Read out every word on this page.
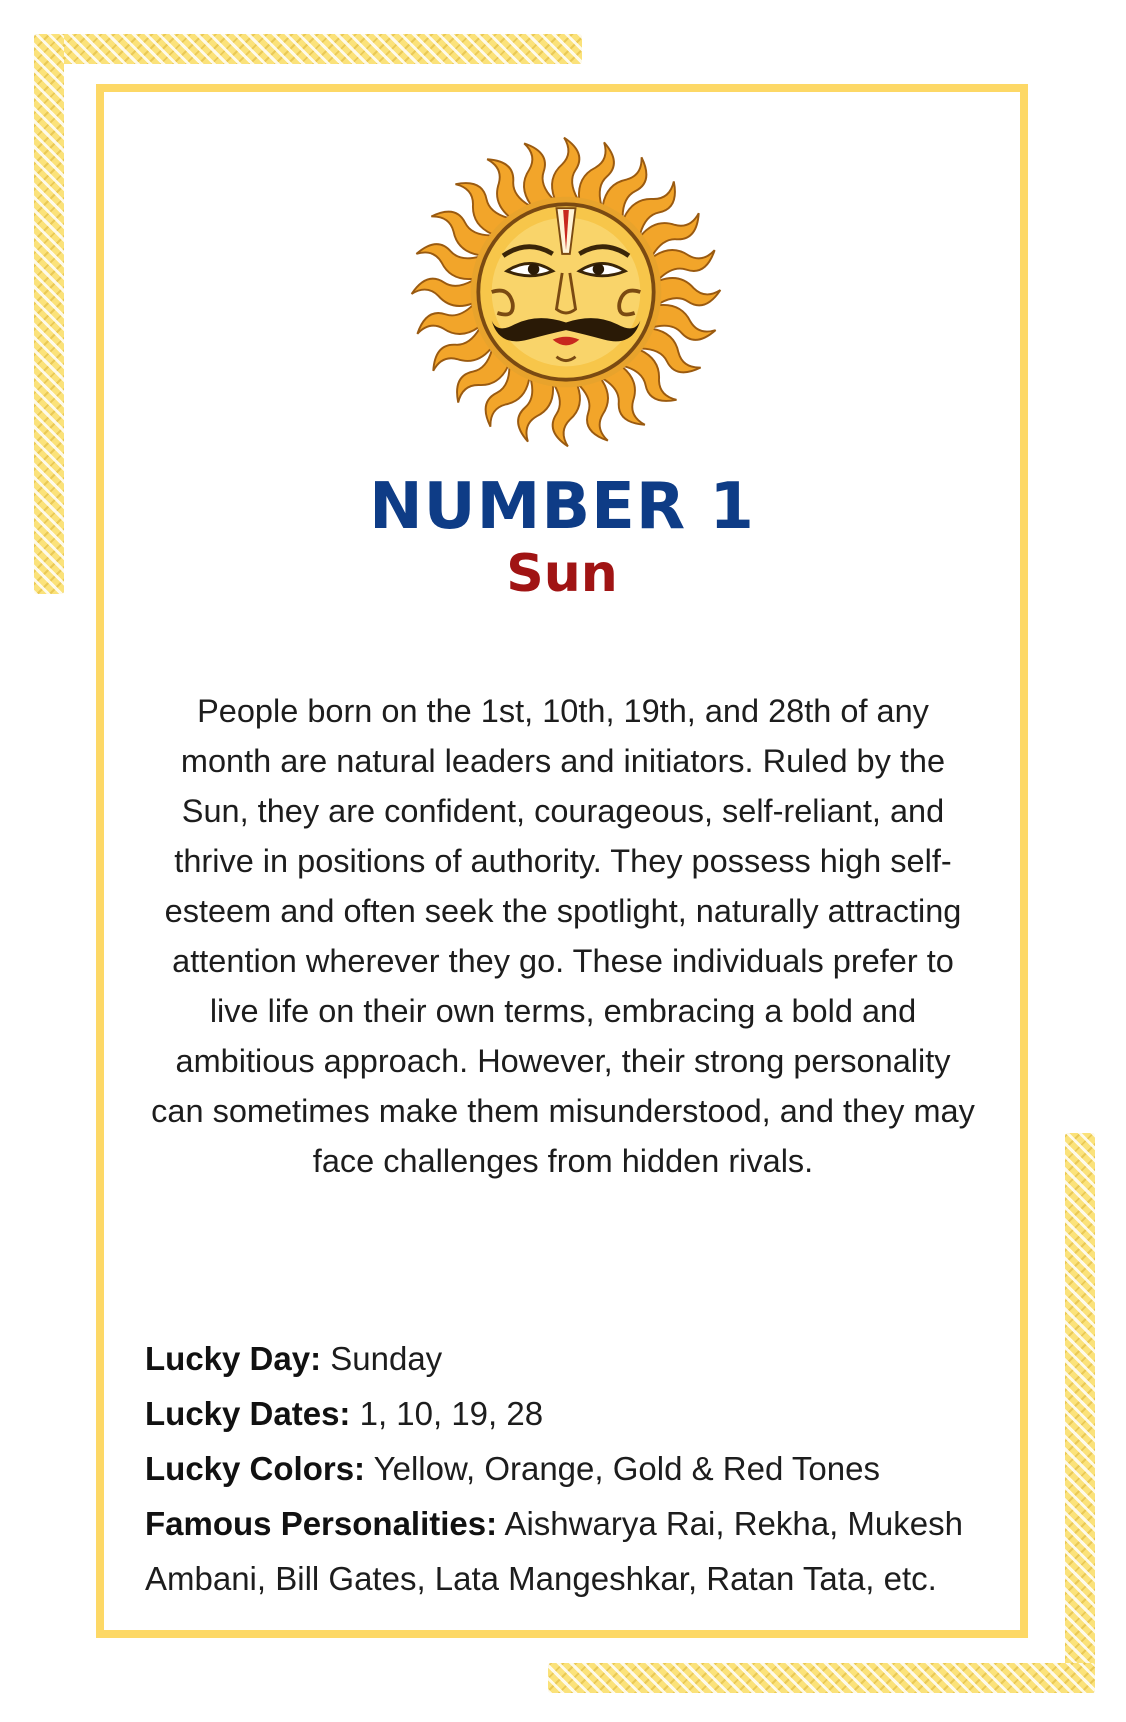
NUMBER 1
Sun
People born on the 1st, 10th, 19th, and 28th of any month are natural leaders and initiators. Ruled by the Sun, they are confident, courageous, self-reliant, and thrive in positions of authority. They possess high self-esteem and often seek the spotlight, naturally attracting attention wherever they go. These individuals prefer to live life on their own terms, embracing a bold and ambitious approach. However, their strong personality can sometimes make them misunderstood, and they may face challenges from hidden rivals.
Lucky Day: Sunday
Lucky Dates: 1, 10, 19, 28
Lucky Colors: Yellow, Orange, Gold & Red Tones
Famous Personalities: Aishwarya Rai, Rekha, Mukesh Ambani, Bill Gates, Lata Mangeshkar, Ratan Tata, etc.
